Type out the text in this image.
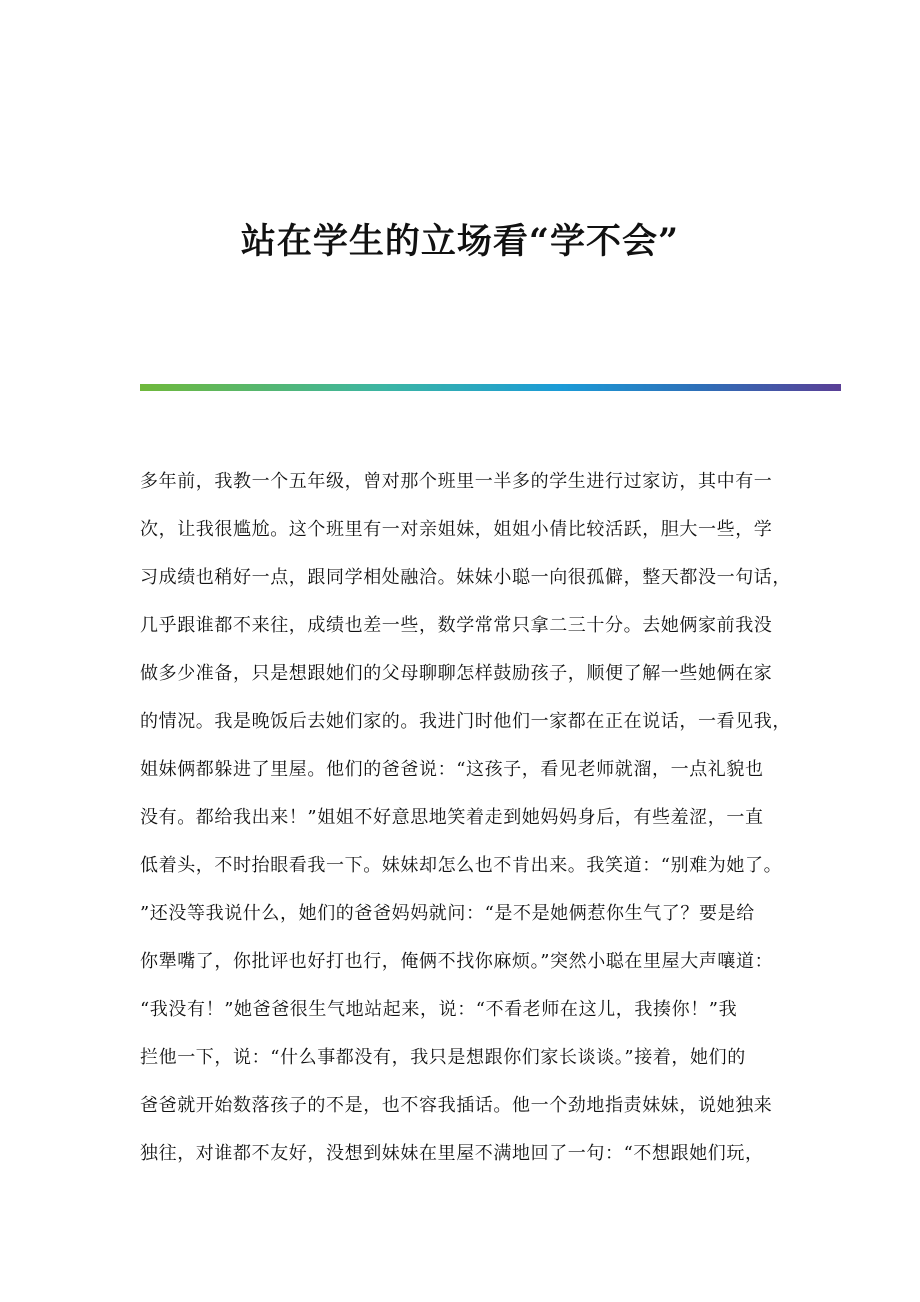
站在学生的立场看“学不会”
多年前，我教一个五年级，曾对那个班里一半多的学生进行过家访，其中有一
次，让我很尴尬。这个班里有一对亲姐妹，姐姐小倩比较活跃，胆大一些，学
习成绩也稍好一点，跟同学相处融洽。妹妹小聪一向很孤僻，整天都没一句话，
几乎跟谁都不来往，成绩也差一些，数学常常只拿二三十分。去她俩家前我没
做多少准备，只是想跟她们的父母聊聊怎样鼓励孩子，顺便了解一些她俩在家
的情况。我是晚饭后去她们家的。我进门时他们一家都在正在说话，一看见我，
姐妹俩都躲进了里屋。他们的爸爸说：“这孩子，看见老师就溜，一点礼貌也
没有。都给我出来！”姐姐不好意思地笑着走到她妈妈身后，有些羞涩，一直
低着头，不时抬眼看我一下。妹妹却怎么也不肯出来。我笑道：“别难为她了。
”还没等我说什么，她们的爸爸妈妈就问：“是不是她俩惹你生气了？要是给
你犟嘴了，你批评也好打也行，俺俩不找你麻烦。”突然小聪在里屋大声嚷道：
“我没有！”她爸爸很生气地站起来，说：“不看老师在这儿，我揍你！”我
拦他一下，说：“什么事都没有，我只是想跟你们家长谈谈。”接着，她们的
爸爸就开始数落孩子的不是，也不容我插话。他一个劲地指责妹妹，说她独来
独往，对谁都不友好，没想到妹妹在里屋不满地回了一句：“不想跟她们玩，
